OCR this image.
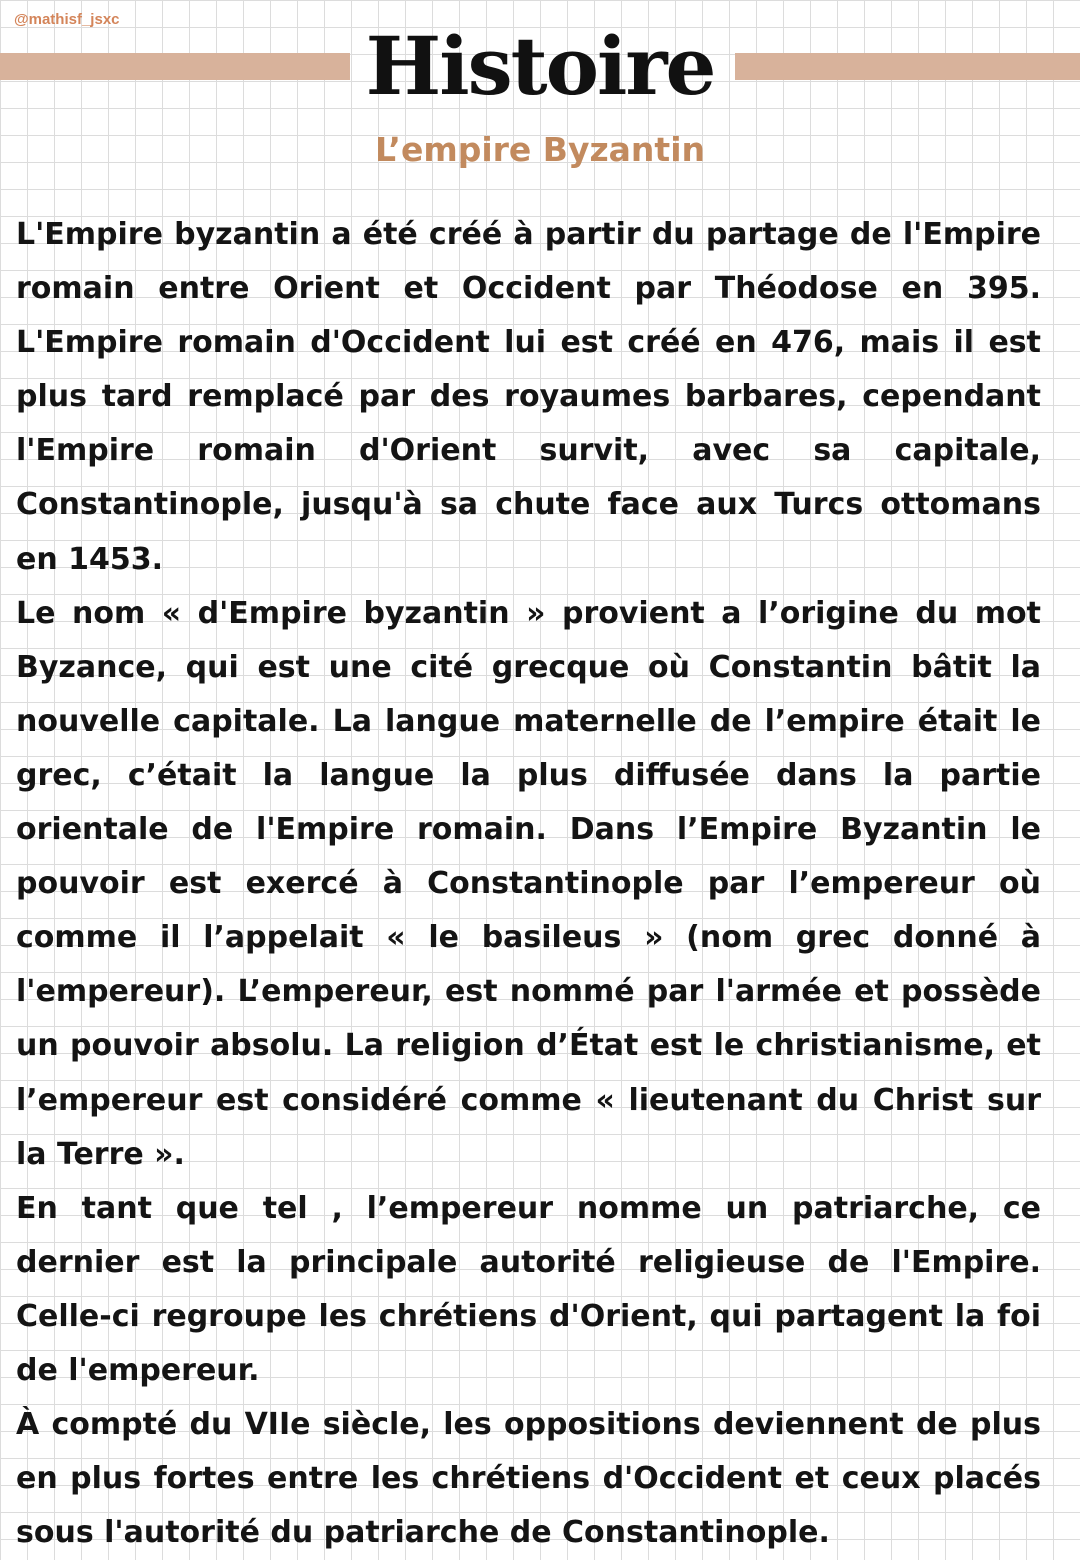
@mathisf_jsxc	Histoire
L’empire Byzantin

L'Empire byzantin a été créé à partir du partage de l'Empire romain entre Orient et Occident par Théodose en 395. L'Empire romain d'Occident lui est créé en 476, mais il est plus tard remplacé par des royaumes barbares, cependant l'Empire romain d'Orient survit, avec sa capitale, Constantinople, jusqu'à sa chute face aux Turcs ottomans en 1453.

Le nom « d'Empire byzantin » provient a l’origine du mot Byzance, qui est une cité grecque où Constantin bâtit la nouvelle capitale. La langue maternelle de l’empire était le grec, c’était la langue la plus diffusée dans la partie orientale de l'Empire romain. Dans l’Empire Byzantin le pouvoir est exercé à Constantinople par l’empereur où comme il l’appelait « le basileus » (nom grec donné à l'empereur). L’empereur, est nommé par l'armée et possède un pouvoir absolu. La religion d’État est le christianisme, et l’empereur est considéré comme « lieutenant du Christ sur la Terre ».

En tant que tel , l’empereur nomme un patriarche, ce dernier est la principale autorité religieuse de l'Empire. Celle-ci regroupe les chrétiens d'Orient, qui partagent la foi de l'empereur.

À compté du VIIe siècle, les oppositions deviennent de plus en plus fortes entre les chrétiens d'Occident et ceux placés sous l'autorité du patriarche de Constantinople.
